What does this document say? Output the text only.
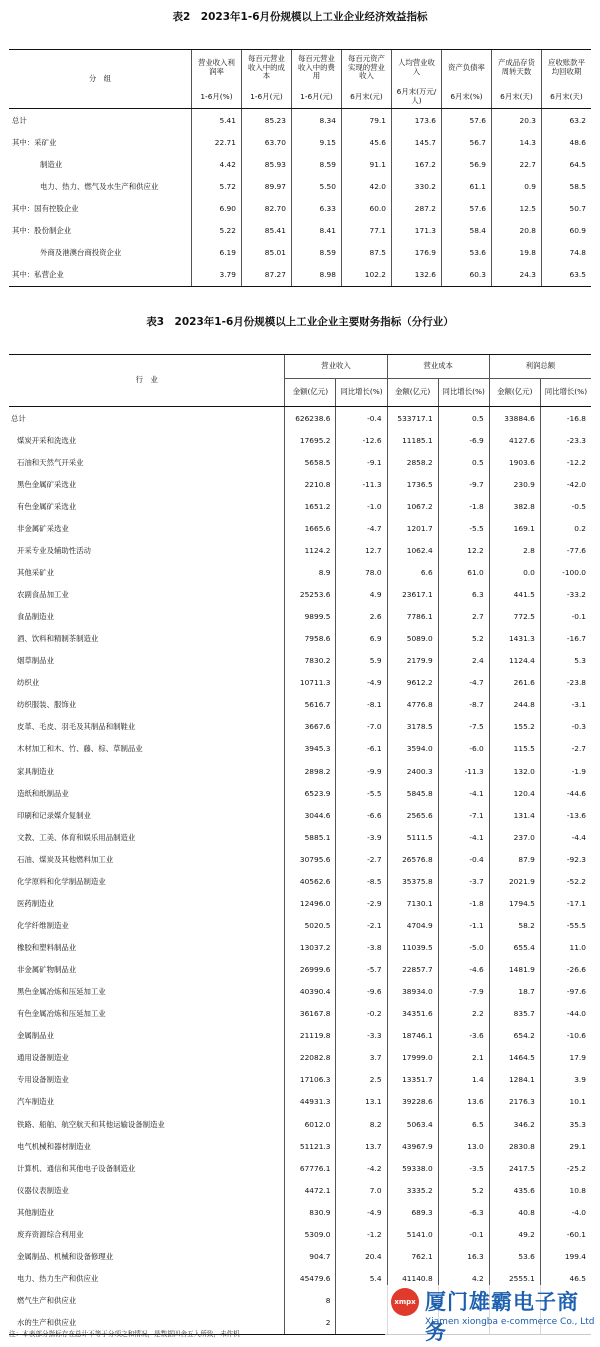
表2　2023年1-6月份规模以上工业企业经济效益指标
分　组	营业收入利润率	每百元营业收入中的成本	每百元营业收入中的费用	每百元资产实现的营业收入	人均营业收入	资产负债率	产成品存货周转天数	应收账款平均回收期
	1-6月(%)	1-6月(元)	1-6月(元)	6月末(元)	6月末(万元/人)	6月末(%)	6月末(天)	6月末(天)
总计	5.41	85.23	8.34	79.1	173.6	57.6	20.3	63.2
其中：采矿业	22.71	63.70	9.15	45.6	145.7	56.7	14.3	48.6
制造业	4.42	85.93	8.59	91.1	167.2	56.9	22.7	64.5
电力、热力、燃气及水生产和供应业	5.72	89.97	5.50	42.0	330.2	61.1	0.9	58.5
其中：国有控股企业	6.90	82.70	6.33	60.0	287.2	57.6	12.5	50.7
其中：股份制企业	5.22	85.41	8.41	77.1	171.3	58.4	20.8	60.9
外商及港澳台商投资企业	6.19	85.01	8.59	87.5	176.9	53.6	19.8	74.8
其中：私营企业	3.79	87.27	8.98	102.2	132.6	60.3	24.3	63.5
表3　2023年1-6月份规模以上工业企业主要财务指标（分行业）
行　业	营业收入		营业成本		利润总额	
	金额(亿元)	同比增长(%)	金额(亿元)	同比增长(%)	金额(亿元)	同比增长(%)
总计	626238.6	-0.4	533717.1	0.5	33884.6	-16.8
煤炭开采和洗选业	17695.2	-12.6	11185.1	-6.9	4127.6	-23.3
石油和天然气开采业	5658.5	-9.1	2858.2	0.5	1903.6	-12.2
黑色金属矿采选业	2210.8	-11.3	1736.5	-9.7	230.9	-42.0
有色金属矿采选业	1651.2	-1.0	1067.2	-1.8	382.8	-0.5
非金属矿采选业	1665.6	-4.7	1201.7	-5.5	169.1	0.2
开采专业及辅助性活动	1124.2	12.7	1062.4	12.2	2.8	-77.6
其他采矿业	8.9	78.0	6.6	61.0	0.0	-100.0
农副食品加工业	25253.6	4.9	23617.1	6.3	441.5	-33.2
食品制造业	9899.5	2.6	7786.1	2.7	772.5	-0.1
酒、饮料和精制茶制造业	7958.6	6.9	5089.0	5.2	1431.3	-16.7
烟草制品业	7830.2	5.9	2179.9	2.4	1124.4	5.3
纺织业	10711.3	-4.9	9612.2	-4.7	261.6	-23.8
纺织服装、服饰业	5616.7	-8.1	4776.8	-8.7	244.8	-3.1
皮革、毛皮、羽毛及其制品和制鞋业	3667.6	-7.0	3178.5	-7.5	155.2	-0.3
木材加工和木、竹、藤、棕、草制品业	3945.3	-6.1	3594.0	-6.0	115.5	-2.7
家具制造业	2898.2	-9.9	2400.3	-11.3	132.0	-1.9
造纸和纸制品业	6523.9	-5.5	5845.8	-4.1	120.4	-44.6
印刷和记录媒介复制业	3044.6	-6.6	2565.6	-7.1	131.4	-13.6
文教、工美、体育和娱乐用品制造业	5885.1	-3.9	5111.5	-4.1	237.0	-4.4
石油、煤炭及其他燃料加工业	30795.6	-2.7	26576.8	-0.4	87.9	-92.3
化学原料和化学制品制造业	40562.6	-8.5	35375.8	-3.7	2021.9	-52.2
医药制造业	12496.0	-2.9	7130.1	-1.8	1794.5	-17.1
化学纤维制造业	5020.5	-2.1	4704.9	-1.1	58.2	-55.5
橡胶和塑料制品业	13037.2	-3.8	11039.5	-5.0	655.4	11.0
非金属矿物制品业	26999.6	-5.7	22857.7	-4.6	1481.9	-26.6
黑色金属冶炼和压延加工业	40390.4	-9.6	38934.0	-7.9	18.7	-97.6
有色金属冶炼和压延加工业	36167.8	-0.2	34351.6	2.2	835.7	-44.0
金属制品业	21119.8	-3.3	18746.1	-3.6	654.2	-10.6
通用设备制造业	22082.8	3.7	17999.0	2.1	1464.5	17.9
专用设备制造业	17106.3	2.5	13351.7	1.4	1284.1	3.9
汽车制造业	44931.3	13.1	39228.6	13.6	2176.3	10.1
铁路、船舶、航空航天和其他运输设备制造业	6012.0	8.2	5063.4	6.5	346.2	35.3
电气机械和器材制造业	51121.3	13.7	43967.9	13.0	2830.8	29.1
计算机、通信和其他电子设备制造业	67776.1	-4.2	59338.0	-3.5	2417.5	-25.2
仪器仪表制造业	4472.1	7.0	3335.2	5.2	435.6	10.8
其他制造业	830.9	-4.9	689.3	-6.3	40.8	-4.0
废弃资源综合利用业	5309.0	-1.2	5141.0	-0.1	49.2	-60.1
金属制品、机械和设备修理业	904.7	20.4	762.1	16.3	53.6	199.4
电力、热力生产和供应业	45479.6	5.4	41140.8	4.2	2555.1	46.5
燃气生产和供应业	8					
水的生产和供应业	2					
注：本表部分指标存在总计不等于分项之和情况，是数据四舍五入所致，未作机
xmpx 厦门雄霸电子商务
Xiamen xiongba e-commerce Co., Ltd
